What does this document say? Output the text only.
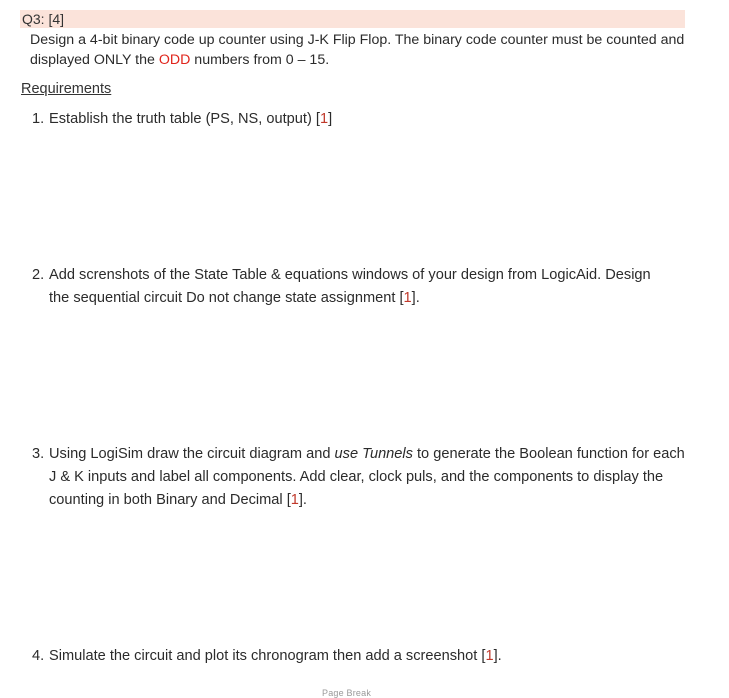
Q3: [4]
Design a 4-bit binary code up counter using J-K Flip Flop. The binary code counter must be counted and displayed ONLY the ODD numbers from 0 – 15.
Requirements
1. Establish the truth table (PS, NS, output) [1]
2. Add screnshots of the State Table & equations windows of your design from LogicAid. Design the sequential circuit Do not change state assignment [1].
3. Using LogiSim draw the circuit diagram and use Tunnels to generate the Boolean function for each J & K inputs and label all components. Add clear, clock puls, and the components to display the counting in both Binary and Decimal [1].
4. Simulate the circuit and plot its chronogram then add a screenshot [1].
Page Break
